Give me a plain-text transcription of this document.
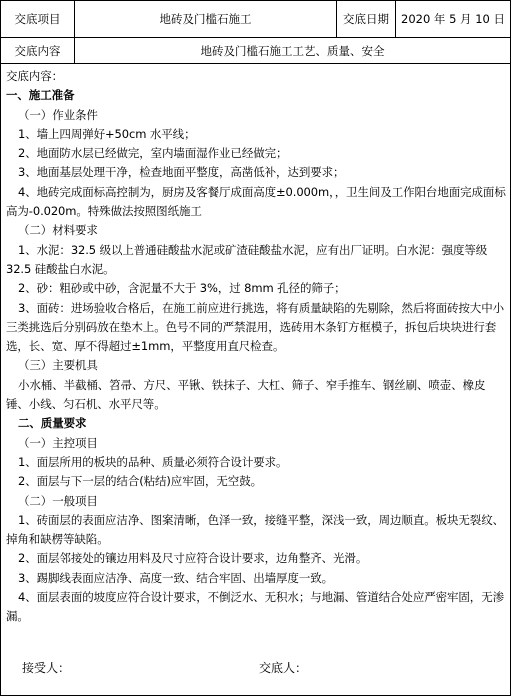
交底项目	地砖及门槛石施工	交底日期	2020 年 5 月 10 日
交底内容	地砖及门槛石施工工艺、质量、安全

交底内容：

一、施工准备

（一）作业条件

1、墙上四周弹好+50cm 水平线；

2、地面防水层已经做完，室内墙面湿作业已经做完；

3、地面基层处理干净，检查地面平整度，高凿低补，达到要求；

4、地砖完成面标高控制为，厨房及客餐厅成面高度±0.000m，，卫生间及工作阳台地面完成面标高为-0.020m。特殊做法按照图纸施工

（二）材料要求

1、水泥：32.5 级以上普通硅酸盐水泥或矿渣硅酸盐水泥，应有出厂证明。白水泥：强度等级 32.5 硅酸盐白水泥。

2、砂：粗砂或中砂，含泥量不大于 3%，过 8mm 孔径的筛子；

3、面砖：进场验收合格后，在施工前应进行挑选，将有质量缺陷的先剔除，然后将面砖按大中小三类挑选后分别码放在垫木上。色号不同的严禁混用，选砖用木条钉方框模子，拆包后块块进行套选，长、宽、厚不得超过±1mm，平整度用直尺检查。

（三）主要机具

小水桶、半截桶、笤帚、方尺、平锹、铁抹子、大杠、筛子、窄手推车、钢丝刷、喷壶、橡皮锤、小线、匀石机、水平尺等。

二、质量要求

（一）主控项目

1、面层所用的板块的品种、质量必须符合设计要求。

2、面层与下一层的结合(粘结)应牢固，无空鼓。

（二）一般项目

1、砖面层的表面应洁净、图案清晰，色泽一致，接缝平整，深浅一致，周边顺直。板块无裂纹、掉角和缺楞等缺陷。

2、面层邻接处的镶边用料及尺寸应符合设计要求，边角整齐、光滑。

3、踢脚线表面应洁净、高度一致、结合牢固、出墙厚度一致。

4、面层表面的坡度应符合设计要求，不倒泛水、无积水；与地漏、管道结合处应严密牢固，无渗漏。

接受人：	交底人：
